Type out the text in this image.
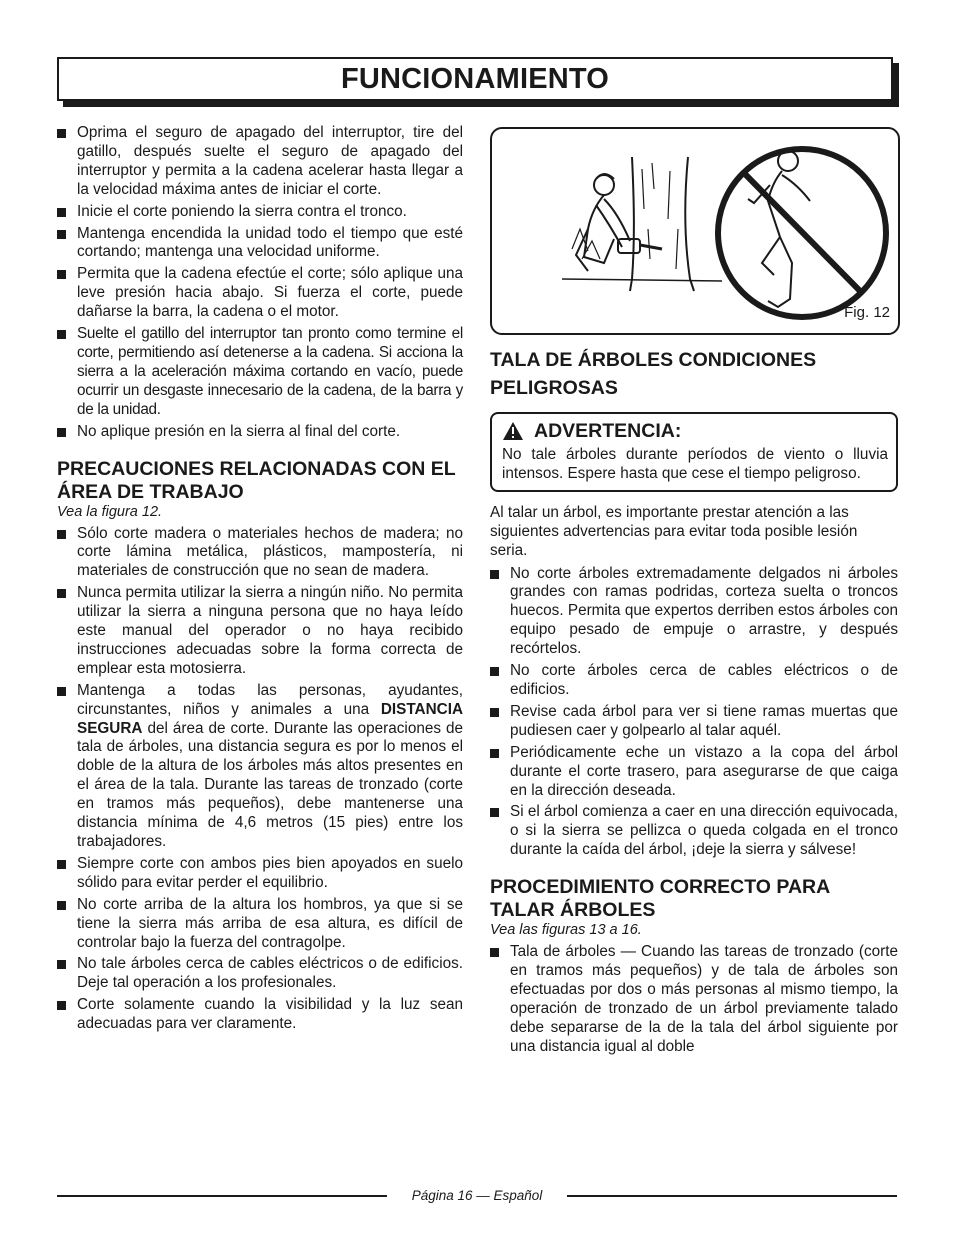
FUNCIONAMIENTO
Oprima el seguro de apagado del interruptor, tire del gatillo, después suelte el seguro de apagado del interruptor y permita a la cadena acelerar hasta llegar a la velocidad máxima antes de iniciar el corte.
Inicie el corte poniendo la sierra contra el tronco.
Mantenga encendida la unidad todo el tiempo que esté cortando; mantenga una velocidad uniforme.
Permita que la cadena efectúe el corte; sólo aplique una leve presión hacia abajo. Si fuerza el corte, puede dañarse la barra, la cadena o el motor.
Suelte el gatillo del interruptor tan pronto como termine el corte, permitiendo así detenerse a la cadena. Si acciona la sierra a la aceleración máxima cortando en vacío, puede ocurrir un desgaste innecesario de la cadena, de la barra y de la unidad.
No aplique presión en la sierra al final del corte.
PRECAUCIONES RELACIONADAS CON EL ÁREA DE TRABAJO

Vea la figura 12.

Sólo corte madera o materiales hechos de madera; no corte lámina metálica, plásticos, mampostería, ni materiales de construcción que no sean de madera.
Nunca permita utilizar la sierra a ningún niño. No permita utilizar la sierra a ninguna persona que no haya leído este manual del operador o no haya recibido instrucciones adecuadas sobre la forma correcta de emplear esta motosierra.
Mantenga a todas las personas, ayudantes, circunstantes, niños y animales a una DISTANCIA SEGURA del área de corte. Durante las operaciones de tala de árboles, una distancia segura es por lo menos el doble de la altura de los árboles más altos presentes en el área de la tala. Durante las tareas de tronzado (corte en tramos más pequeños), debe mantenerse una distancia mínima de 4,6 metros (15 pies) entre los trabajadores.
Siempre corte con ambos pies bien apoyados en suelo sólido para evitar perder el equilibrio.
No corte arriba de la altura los hombros, ya que si se tiene la sierra más arriba de esa altura, es difícil de controlar bajo la fuerza del contragolpe.
No tale árboles cerca de cables eléctricos o de edificios. Deje tal operación a los profesionales.
Corte solamente cuando la visibilidad y la luz sean adecuadas para ver claramente.
Fig. 12
TALA DE ÁRBOLES CONDICIONES PELIGROSAS
ADVERTENCIA:
No tale árboles durante períodos de viento o lluvia intensos. Espere hasta que cese el tiempo peligroso.

Al talar un árbol, es importante prestar atención a las siguientes advertencias para evitar toda posible lesión seria.

No corte árboles extremadamente delgados ni árboles grandes con ramas podridas, corteza suelta o troncos huecos. Permita que expertos derriben estos árboles con equipo pesado de empuje o arrastre, y después recórtelos.
No corte árboles cerca de cables eléctricos o de edificios.
Revise cada árbol para ver si tiene ramas muertas que pudiesen caer y golpearlo al talar aquél.
Periódicamente eche un vistazo a la copa del árbol durante el corte trasero, para asegurarse de que caiga en la dirección deseada.
Si el árbol comienza a caer en una dirección equivocada, o si la sierra se pellizca o queda colgada en el tronco durante la caída del árbol, ¡deje la sierra y sálvese!
PROCEDIMIENTO CORRECTO PARA TALAR ÁRBOLES

Vea las figuras 13 a 16.

Tala de árboles — Cuando las tareas de tronzado (corte en tramos más pequeños) y de tala de árboles son efectuadas por dos o más personas al mismo tiempo, la operación de tronzado de un árbol previamente talado debe separarse de la de la tala del árbol siguiente por una distancia igual al doble
Página 16 — Español
